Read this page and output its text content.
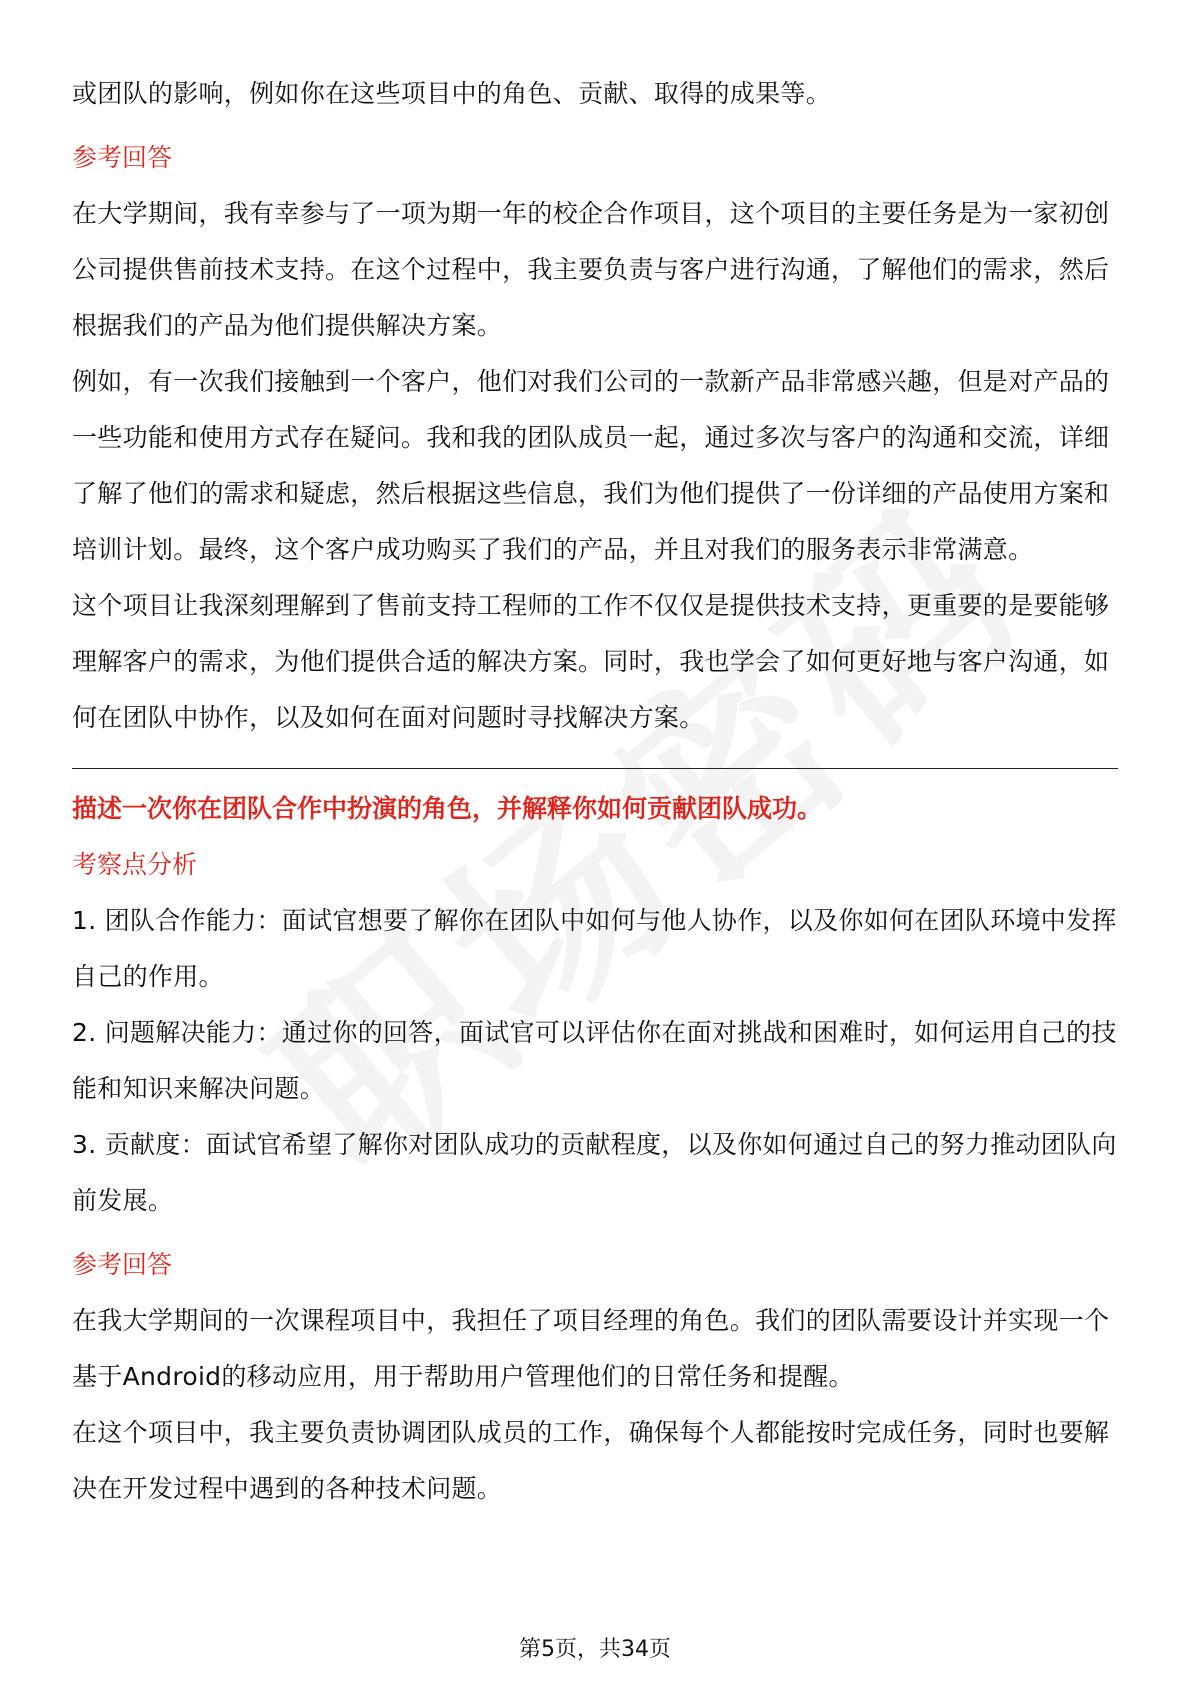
或团队的影响，例如你在这些项目中的角色、贡献、取得的成果等。

参考回答

在大学期间，我有幸参与了一项为期一年的校企合作项目，这个项目的主要任务是为一家初创公司提供售前技术支持。在这个过程中，我主要负责与客户进行沟通，了解他们的需求，然后根据我们的产品为他们提供解决方案。

例如，有一次我们接触到一个客户，他们对我们公司的一款新产品非常感兴趣，但是对产品的一些功能和使用方式存在疑问。我和我的团队成员一起，通过多次与客户的沟通和交流，详细了解了他们的需求和疑虑，然后根据这些信息，我们为他们提供了一份详细的产品使用方案和培训计划。最终，这个客户成功购买了我们的产品，并且对我们的服务表示非常满意。

这个项目让我深刻理解到了售前支持工程师的工作不仅仅是提供技术支持，更重要的是要能够理解客户的需求，为他们提供合适的解决方案。同时，我也学会了如何更好地与客户沟通，如何在团队中协作，以及如何在面对问题时寻找解决方案。

描述一次你在团队合作中扮演的角色，并解释你如何贡献团队成功。
考察点分析

1. 团队合作能力：面试官想要了解你在团队中如何与他人协作，以及你如何在团队环境中发挥自己的作用。

2. 问题解决能力：通过你的回答，面试官可以评估你在面对挑战和困难时，如何运用自己的技能和知识来解决问题。

3. 贡献度：面试官希望了解你对团队成功的贡献程度，以及你如何通过自己的努力推动团队向前发展。

参考回答

在我大学期间的一次课程项目中，我担任了项目经理的角色。我们的团队需要设计并实现一个基于Android的移动应用，用于帮助用户管理他们的日常任务和提醒。

在这个项目中，我主要负责协调团队成员的工作，确保每个人都能按时完成任务，同时也要解决在开发过程中遇到的各种技术问题。

第5页，共34页
